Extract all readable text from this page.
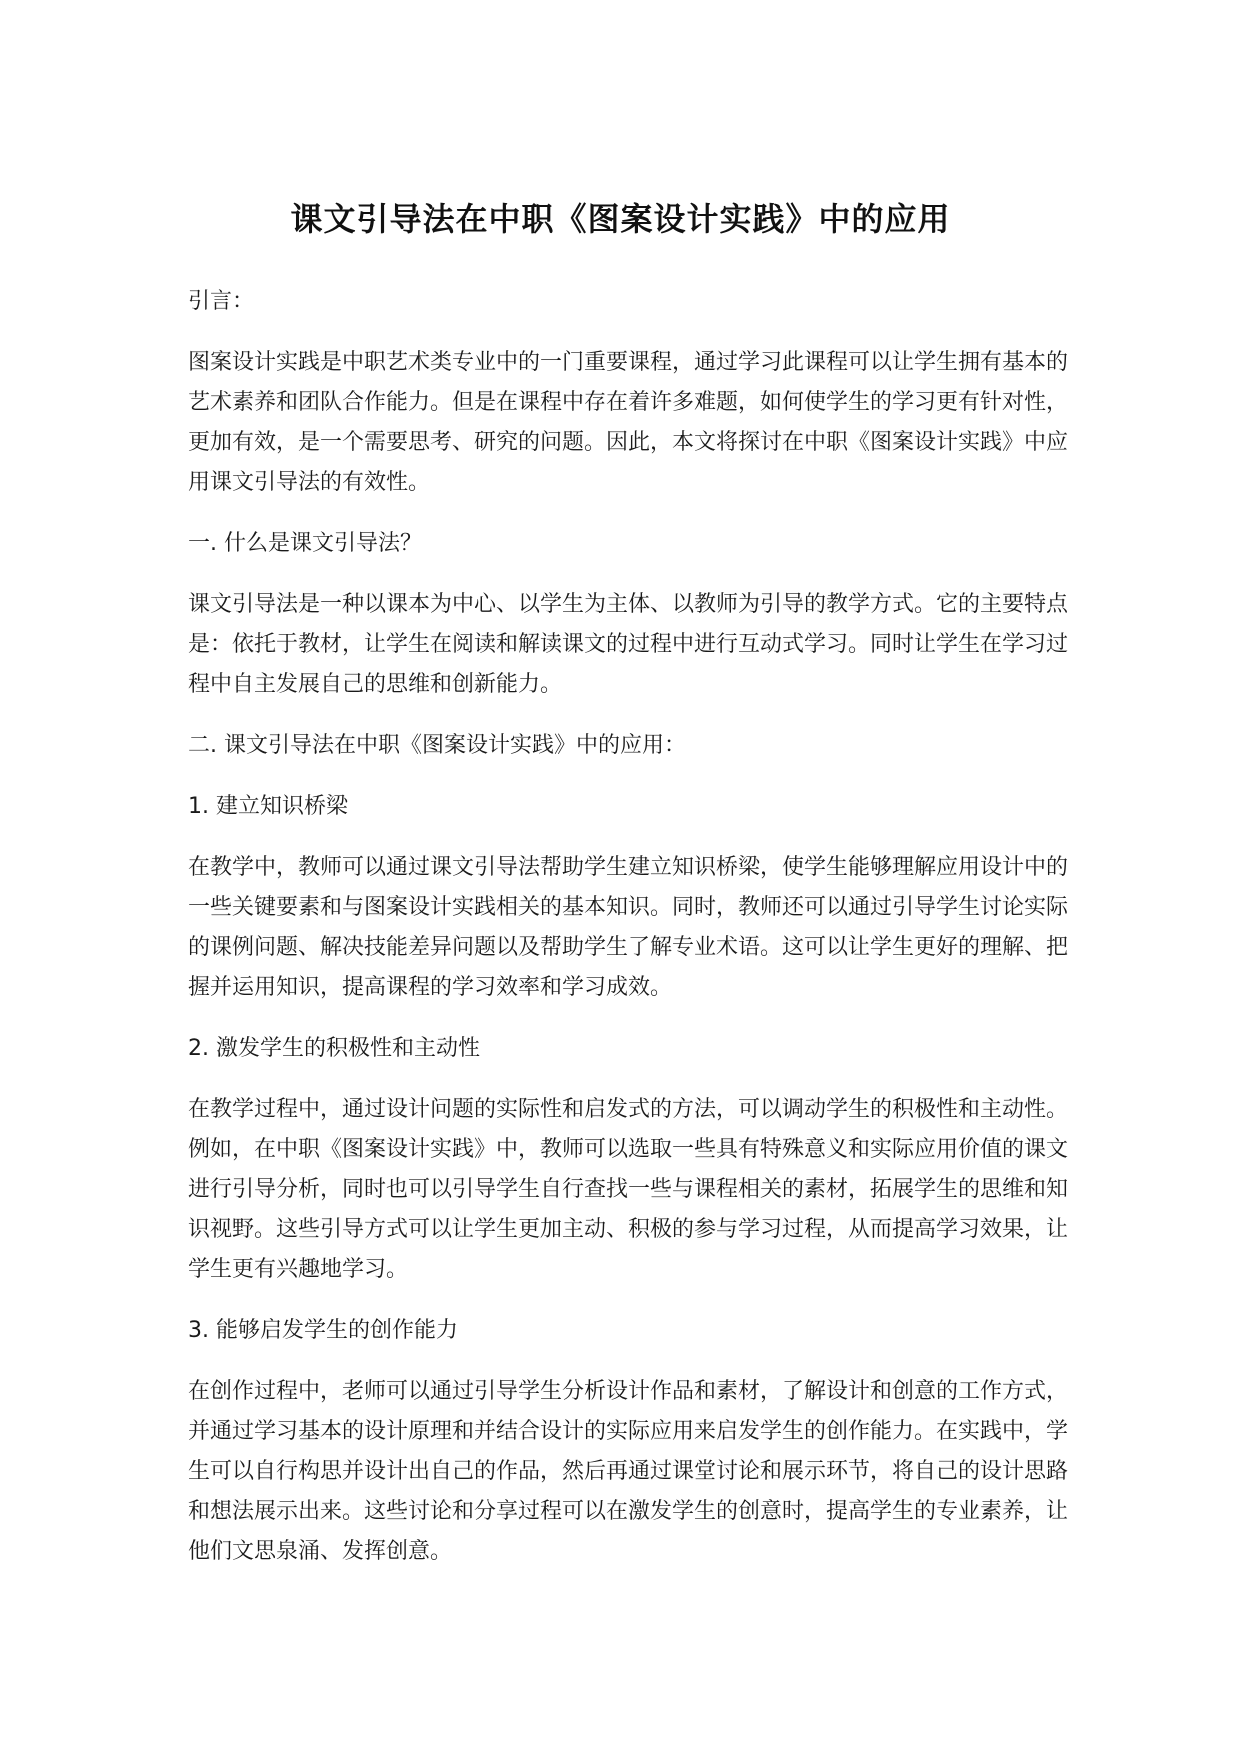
课文引导法在中职《图案设计实践》中的应用

引言：

图案设计实践是中职艺术类专业中的一门重要课程，通过学习此课程可以让学生拥有基本的艺术素养和团队合作能力。但是在课程中存在着许多难题，如何使学生的学习更有针对性，更加有效，是一个需要思考、研究的问题。因此，本文将探讨在中职《图案设计实践》中应用课文引导法的有效性。

一. 什么是课文引导法？

课文引导法是一种以课本为中心、以学生为主体、以教师为引导的教学方式。它的主要特点是：依托于教材，让学生在阅读和解读课文的过程中进行互动式学习。同时让学生在学习过程中自主发展自己的思维和创新能力。

二. 课文引导法在中职《图案设计实践》中的应用：

1. 建立知识桥梁

在教学中，教师可以通过课文引导法帮助学生建立知识桥梁，使学生能够理解应用设计中的一些关键要素和与图案设计实践相关的基本知识。同时，教师还可以通过引导学生讨论实际的课例问题、解决技能差异问题以及帮助学生了解专业术语。这可以让学生更好的理解、把握并运用知识，提高课程的学习效率和学习成效。

2. 激发学生的积极性和主动性

在教学过程中，通过设计问题的实际性和启发式的方法，可以调动学生的积极性和主动性。例如，在中职《图案设计实践》中，教师可以选取一些具有特殊意义和实际应用价值的课文进行引导分析，同时也可以引导学生自行查找一些与课程相关的素材，拓展学生的思维和知识视野。这些引导方式可以让学生更加主动、积极的参与学习过程，从而提高学习效果，让学生更有兴趣地学习。

3. 能够启发学生的创作能力

在创作过程中，老师可以通过引导学生分析设计作品和素材，了解设计和创意的工作方式，并通过学习基本的设计原理和并结合设计的实际应用来启发学生的创作能力。在实践中，学生可以自行构思并设计出自己的作品，然后再通过课堂讨论和展示环节，将自己的设计思路和想法展示出来。这些讨论和分享过程可以在激发学生的创意时，提高学生的专业素养，让他们文思泉涌、发挥创意。
